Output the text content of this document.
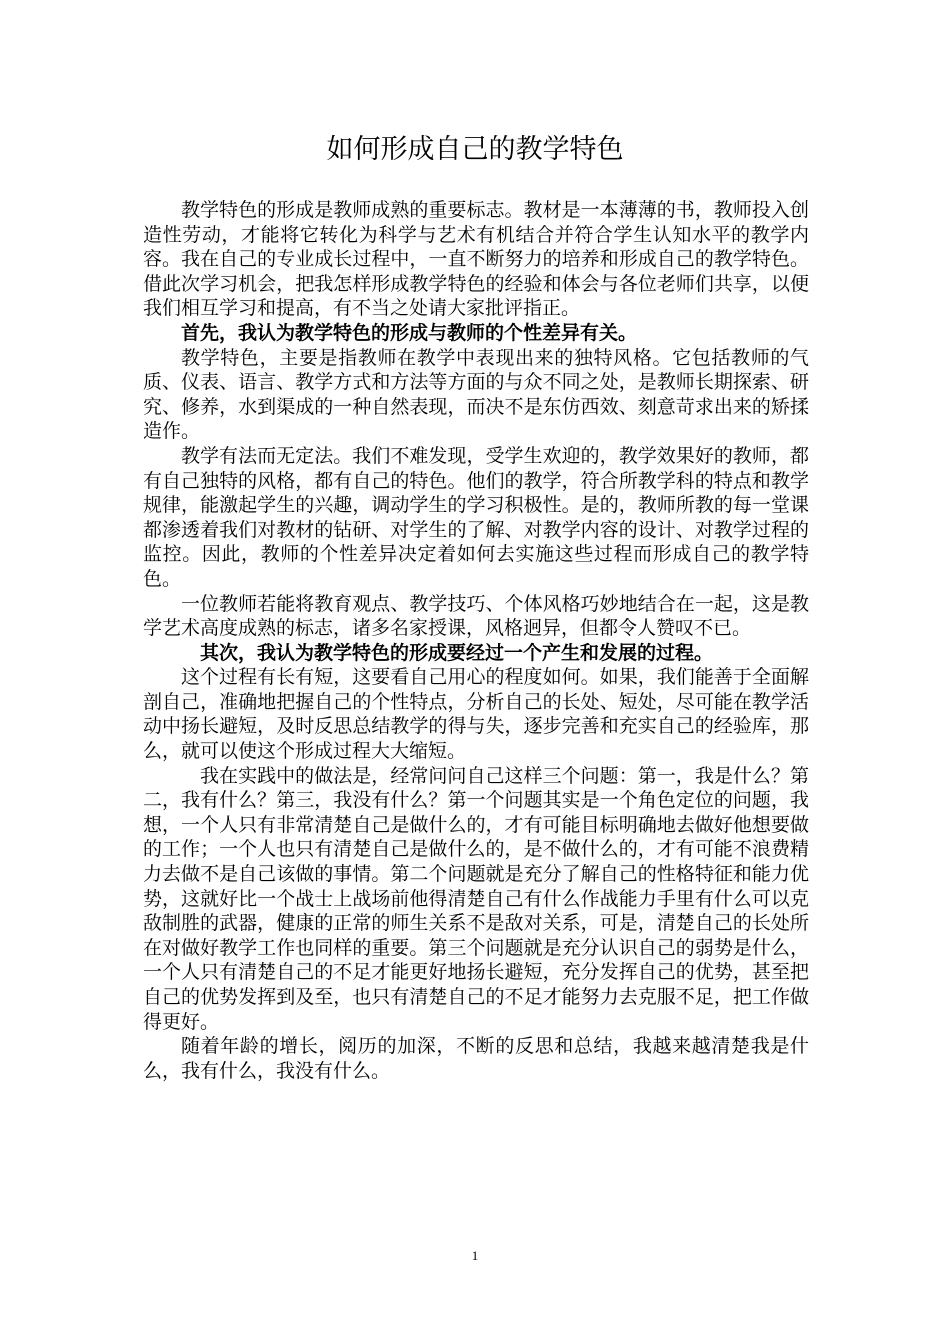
如何形成自己的教学特色

教学特色的形成是教师成熟的重要标志。教材是一本薄薄的书，教师投入创造性劳动，才能将它转化为科学与艺术有机结合并符合学生认知水平的教学内容。我在自己的专业成长过程中，一直不断努力的培养和形成自己的教学特色。借此次学习机会，把我怎样形成教学特色的经验和体会与各位老师们共享，以便我们相互学习和提高，有不当之处请大家批评指正。

首先，我认为教学特色的形成与教师的个性差异有关。

教学特色，主要是指教师在教学中表现出来的独特风格。它包括教师的气质、仪表、语言、教学方式和方法等方面的与众不同之处，是教师长期探索、研究、修养，水到渠成的一种自然表现，而决不是东仿西效、刻意苛求出来的矫揉造作。

教学有法而无定法。我们不难发现，受学生欢迎的，教学效果好的教师，都有自己独特的风格，都有自己的特色。他们的教学，符合所教学科的特点和教学规律，能激起学生的兴趣，调动学生的学习积极性。是的，教师所教的每一堂课都渗透着我们对教材的钻研、对学生的了解、对教学内容的设计、对教学过程的监控。因此，教师的个性差异决定着如何去实施这些过程而形成自己的教学特色。

一位教师若能将教育观点、教学技巧、个体风格巧妙地结合在一起，这是教学艺术高度成熟的标志，诸多名家授课，风格迥异，但都令人赞叹不已。

其次，我认为教学特色的形成要经过一个产生和发展的过程。

这个过程有长有短，这要看自己用心的程度如何。如果，我们能善于全面解剖自己，准确地把握自己的个性特点，分析自己的长处、短处，尽可能在教学活动中扬长避短，及时反思总结教学的得与失，逐步完善和充实自己的经验库，那么，就可以使这个形成过程大大缩短。

我在实践中的做法是，经常问问自己这样三个问题：第一，我是什么？第二，我有什么？第三，我没有什么？第一个问题其实是一个角色定位的问题，我想，一个人只有非常清楚自己是做什么的，才有可能目标明确地去做好他想要做的工作；一个人也只有清楚自己是做什么的，是不做什么的，才有可能不浪费精力去做不是自己该做的事情。第二个问题就是充分了解自己的性格特征和能力优势，这就好比一个战士上战场前他得清楚自己有什么作战能力手里有什么可以克敌制胜的武器，健康的正常的师生关系不是敌对关系，可是，清楚自己的长处所在对做好教学工作也同样的重要。第三个问题就是充分认识自己的弱势是什么，一个人只有清楚自己的不足才能更好地扬长避短，充分发挥自己的优势，甚至把自己的优势发挥到及至，也只有清楚自己的不足才能努力去克服不足，把工作做得更好。

随着年龄的增长，阅历的加深，不断的反思和总结，我越来越清楚我是什么，我有什么，我没有什么。

1
